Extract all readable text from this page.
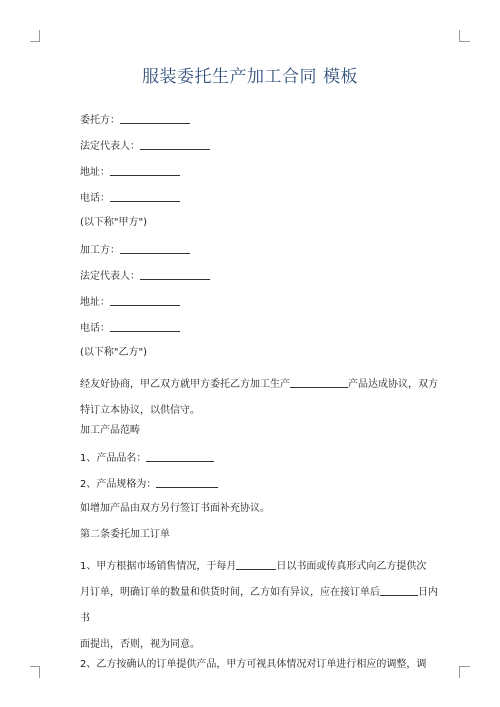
服装委托生产加工合同 模板
委托方：
法定代表人：
地址：
电话：
(以下称"甲方")
加工方：
法定代表人：
地址：
电话：
(以下称"乙方")
经友好协商，甲乙双方就甲方委托乙方加工生产	产品达成协议，双方
特订立本协议，以供信守。
加工产品范畴
1、产品品名：
2、产品规格为：
如增加产品由双方另行签订书面补充协议。
第二条委托加工订单
1、甲方根据市场销售情况，于每月	日以书面或传真形式向乙方提供次
月订单，明确订单的数量和供货时间，乙方如有异议，应在接订单后	日内书
面提出，否则，视为同意。
2、乙方按确认的订单提供产品，甲方可视具体情况对订单进行相应的调整，调
